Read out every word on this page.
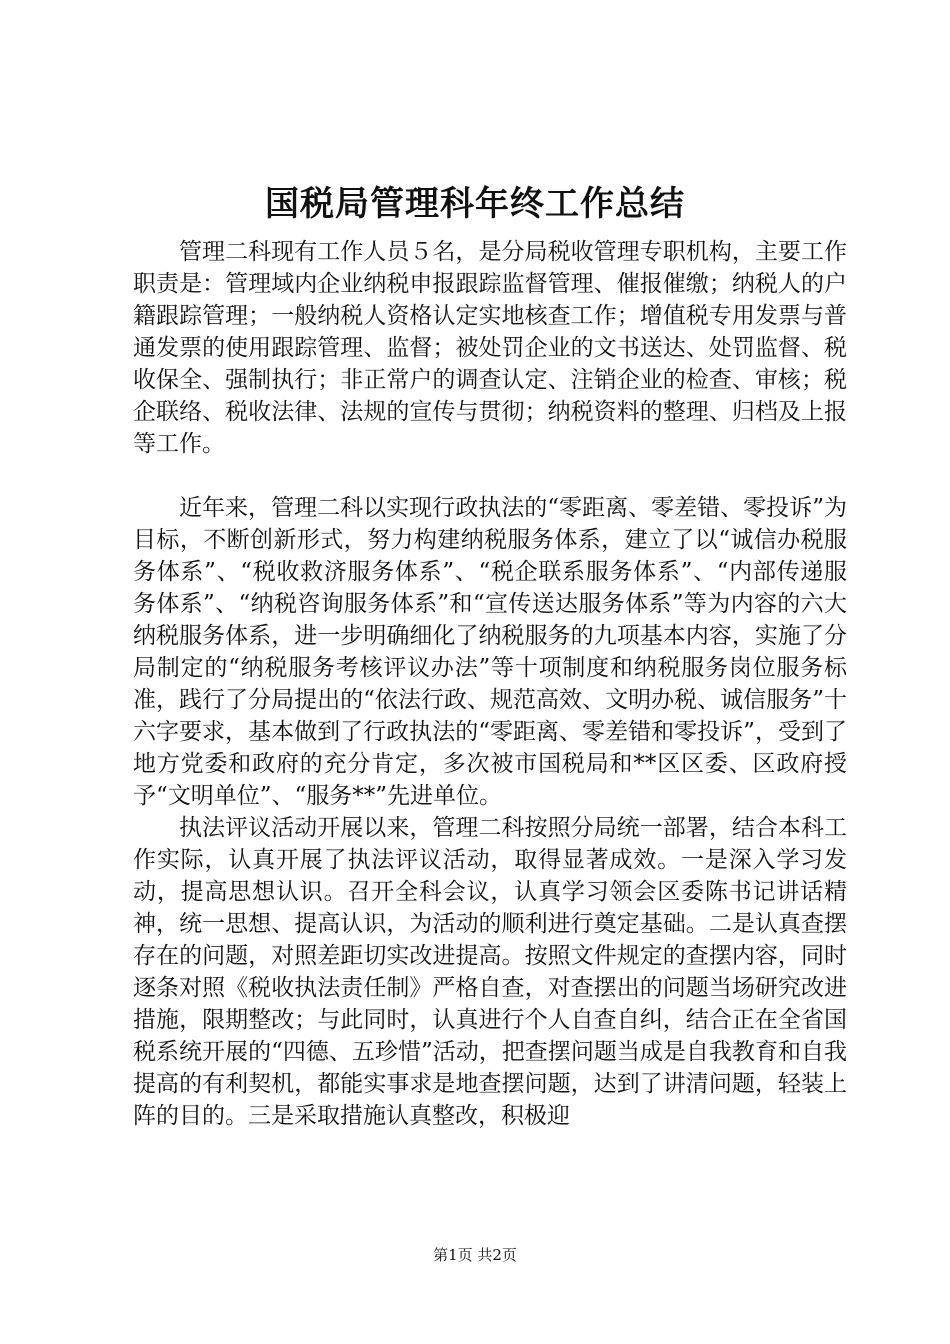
国税局管理科年终工作总结

管理二科现有工作人员５名，是分局税收管理专职机构，主要工作职责是：管理域内企业纳税申报跟踪监督管理、催报催缴；纳税人的户籍跟踪管理；一般纳税人资格认定实地核查工作；增值税专用发票与普通发票的使用跟踪管理、监督；被处罚企业的文书送达、处罚监督、税收保全、强制执行；非正常户的调查认定、注销企业的检查、审核；税企联络、税收法律、法规的宣传与贯彻；纳税资料的整理、归档及上报等工作。

近年来，管理二科以实现行政执法的“零距离、零差错、零投诉”为目标，不断创新形式，努力构建纳税服务体系，建立了以“诚信办税服务体系”、“税收救济服务体系”、“税企联系服务体系”、“内部传递服务体系”、“纳税咨询服务体系”和“宣传送达服务体系”等为内容的六大纳税服务体系，进一步明确细化了纳税服务的九项基本内容，实施了分局制定的“纳税服务考核评议办法”等十项制度和纳税服务岗位服务标准，践行了分局提出的“依法行政、规范高效、文明办税、诚信服务”十六字要求，基本做到了行政执法的“零距离、零差错和零投诉”，受到了地方党委和政府的充分肯定，多次被市国税局和**区区委、区政府授予“文明单位”、“服务**”先进单位。

执法评议活动开展以来，管理二科按照分局统一部署，结合本科工作实际，认真开展了执法评议活动，取得显著成效。一是深入学习发动，提高思想认识。召开全科会议，认真学习领会区委陈书记讲话精神，统一思想、提高认识，为活动的顺利进行奠定基础。二是认真查摆存在的问题，对照差距切实改进提高。按照文件规定的查摆内容，同时逐条对照《税收执法责任制》严格自查，对查摆出的问题当场研究改进措施，限期整改；与此同时，认真进行个人自查自纠，结合正在全省国税系统开展的“四德、五珍惜”活动，把查摆问题当成是自我教育和自我提高的有利契机，都能实事求是地查摆问题，达到了讲清问题，轻装上阵的目的。三是采取措施认真整改，积极迎

第1页 共2页
